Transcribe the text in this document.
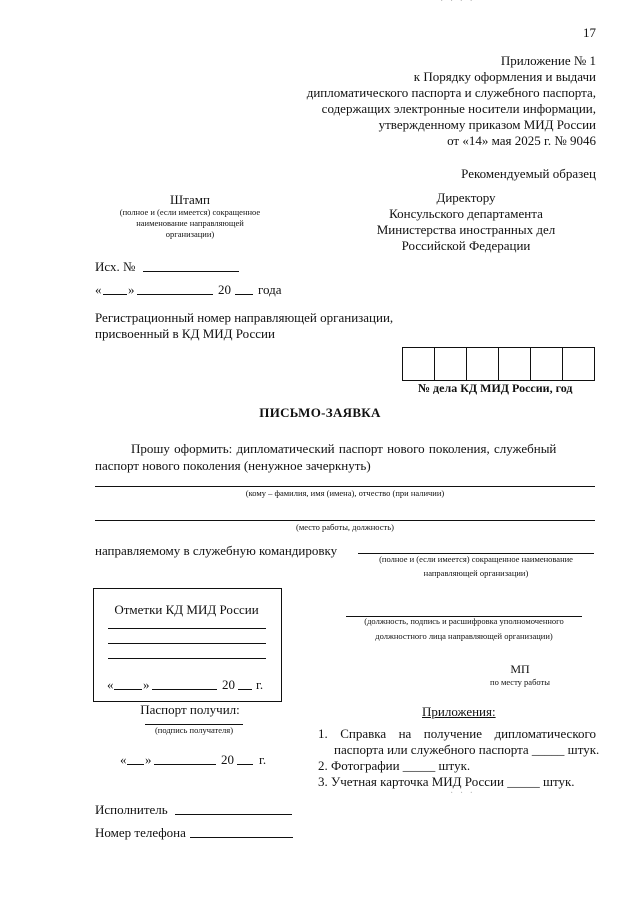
· · · ·
17
Приложение № 1
к Порядку оформления и выдачи
дипломатического паспорта и служебного паспорта,
содержащих электронные носители информации,
утвержденному приказом МИД России
от «14» мая 2025 г. № 9046
Рекомендуемый образец
Штамп
(полное и (если имеется) сокращенное
наименование направляющей
организации)
Директору
Консульского департамента
Министерства иностранных дел
Российской Федерации
Исх. №
« »	20 года
Регистрационный номер направляющей организации,
присвоенный в КД МИД России
№ дела КД МИД России, год
ПИСЬМО-ЗАЯВКА
Прошу оформить: дипломатический паспорт нового поколения, служебный
паспорт нового поколения (ненужное зачеркнуть)
(кому – фамилия, имя (имена), отчество (при наличии)
(место работы, должность)
направляемому в служебную командировку
(полное и (если имеется) сокращенное наименование
направляющей организации)
Отметки КД МИД России
« »	20 г.
(должность, подпись и расшифровка уполномоченного
должностного лица направляющей организации)
МП
по месту работы
Паспорт получил:
(подпись получателя)
« »	20 г.
Приложения:
1. Справка на получение дипломатического
паспорта или служебного паспорта _____ штук.
2. Фотографии _____ штук.
3. Учетная карточка МИД России _____ штук.
· · ·
Исполнитель
Номер телефона
